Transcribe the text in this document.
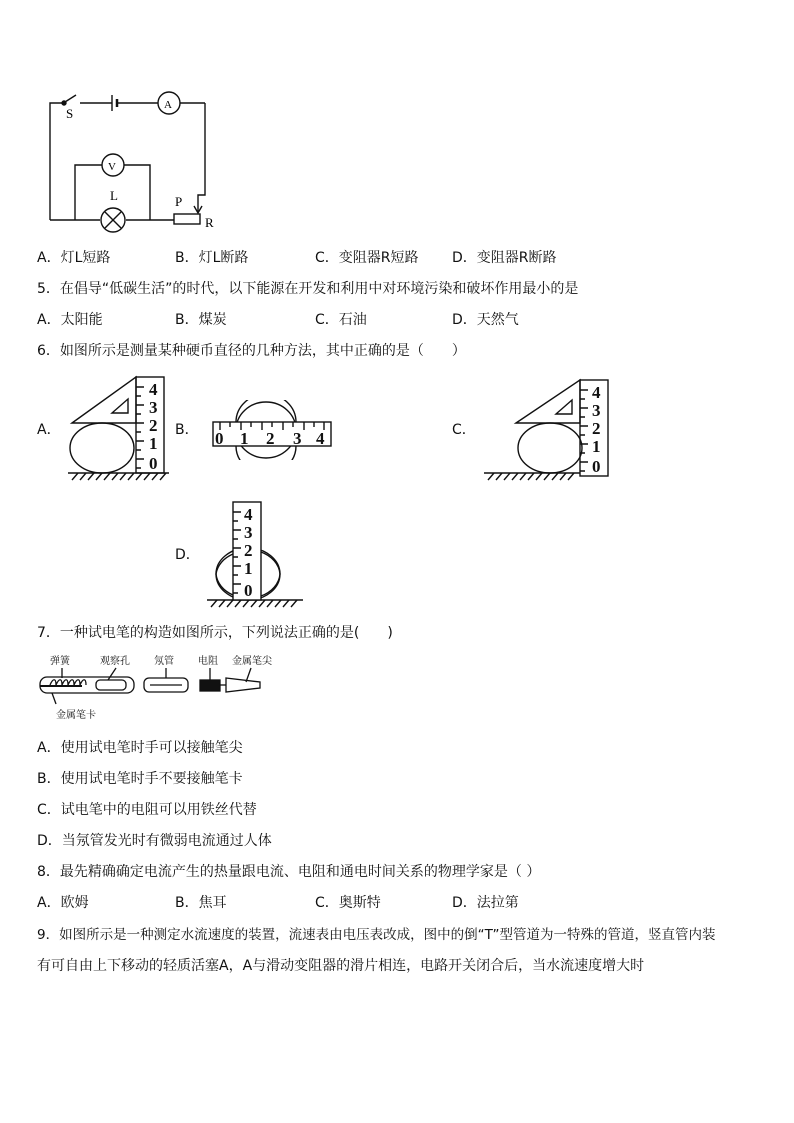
S
A
V
L	P
R
A．灯L短路	B．灯L断路	C．变阻器R短路 D．变阻器R断路
5．在倡导“低碳生活”的时代，以下能源在开发和利用中对环境污染和破坏作用最小的是
A．太阳能	B．煤炭	C．石油	D．天然气
6．如图所示是测量某种硬币直径的几种方法，其中正确的是（　　）
A．	B．	C．
D．
4
3
2
1
0
0 1 2 3 4
4
3
2
1
0
4
3
2
1
0
7．一种试电笔的构造如图所示，下列说法正确的是(　　)
弹簧	观察孔 氖管 电阻 金属笔尖
金属笔卡
A．使用试电笔时手可以接触笔尖
B．使用试电笔时手不要接触笔卡
C．试电笔中的电阻可以用铁丝代替
D．当氖管发光时有微弱电流通过人体
8．最先精确确定电流产生的热量跟电流、电阻和通电时间关系的物理学家是（ ）
A．欧姆	B．焦耳	C．奥斯特	D．法拉第
9．如图所示是一种测定水流速度的装置，流速表由电压表改成，图中的倒“T”型管道为一特殊的管道，竖直管内装
有可自由上下移动的轻质活塞A，A与滑动变阻器的滑片相连，电路开关闭合后，当水流速度增大时
